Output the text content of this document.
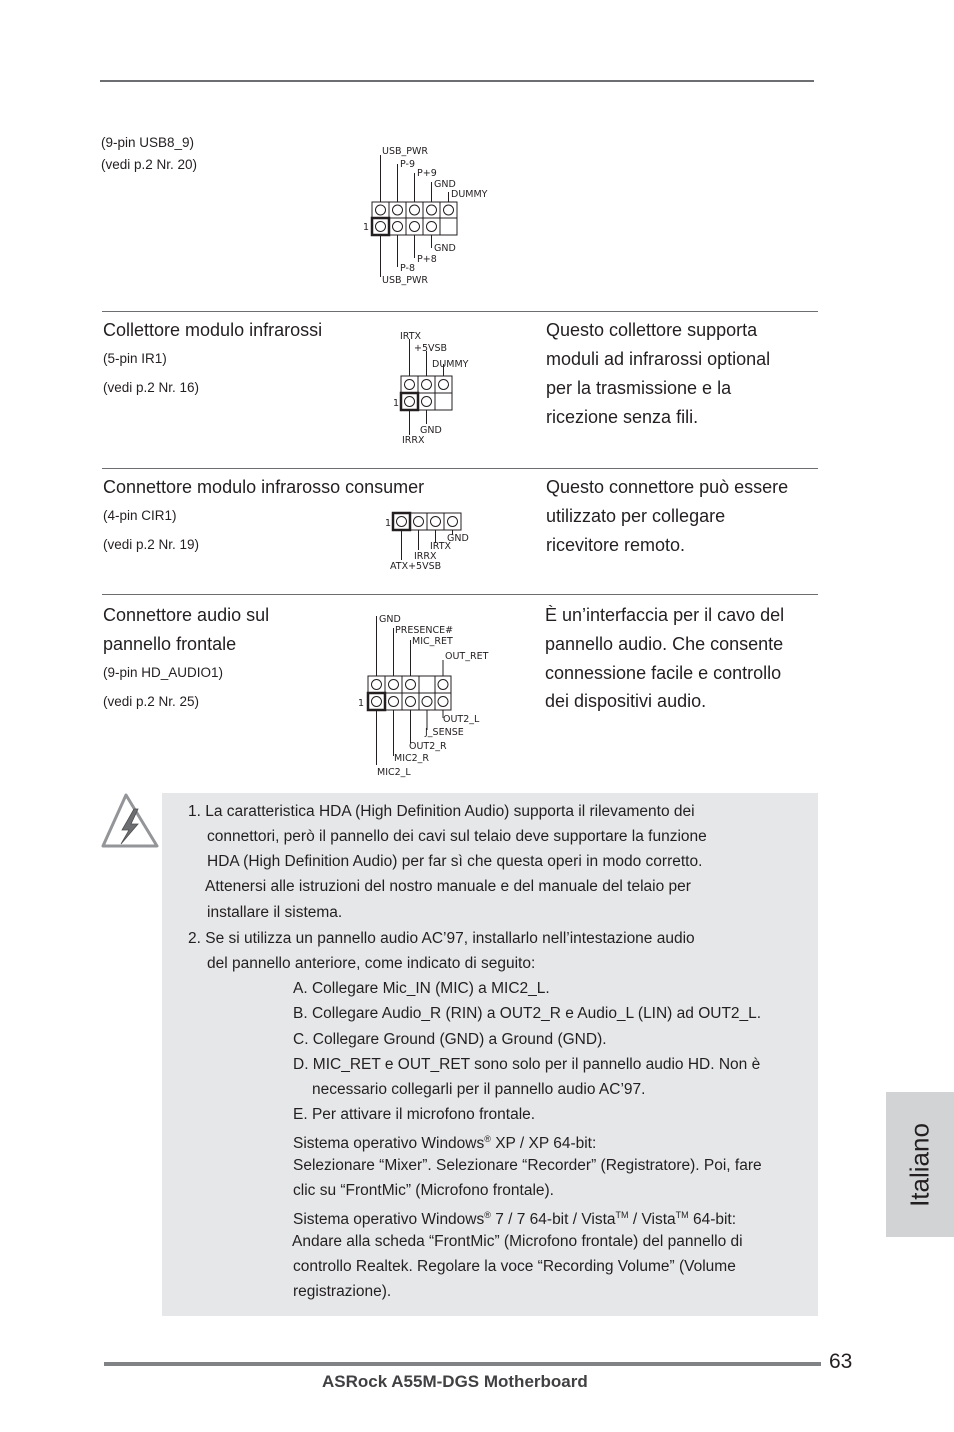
(9-pin USB8_9)
(vedi p.2 Nr. 20)
USB_PWR
P-9
P+9
GND
DUMMY
GND
P+8
P-8
USB_PWR
1
Collettore modulo infrarossi
(5-pin IR1)
(vedi p.2 Nr. 16)
IRTX
+5VSB
DUMMY
GND
IRRX
1
Questo collettore supporta
moduli ad infrarossi optional
per la trasmissione e la
ricezione senza fili.
Connettore modulo infrarosso consumer
(4-pin CIR1)
(vedi p.2 Nr. 19)	GND
IRTX
IRRX
ATX+5VSB
1
Questo connettore può essere
utilizzato per collegare
ricevitore remoto.
Connettore audio sul
pannello frontale
(9-pin HD_AUDIO1)
(vedi p.2 Nr. 25)
GND
PRESENCE#
MIC_RET
OUT_RET
OUT2_L
J_SENSE
OUT2_R
MIC2_R
MIC2_L
1
È un’interfaccia per il cavo del
pannello audio. Che consente
connessione facile e controllo
dei dispositivi audio.
1. La caratteristica HDA (High Definition Audio) supporta il rilevamento dei
connettori, però il pannello dei cavi sul telaio deve supportare la funzione
HDA (High Definition Audio) per far sì che questa operi in modo corretto.
Attenersi alle istruzioni del nostro manuale e del manuale del telaio per
installare il sistema.
2. Se si utilizza un pannello audio AC’97, installarlo nell’intestazione audio
del pannello anteriore, come indicato di seguito:
A. Collegare Mic_IN (MIC) a MIC2_L.
B. Collegare Audio_R (RIN) a OUT2_R e Audio_L (LIN) ad OUT2_L.
C. Collegare Ground (GND) a Ground (GND).
D. MIC_RET e OUT_RET sono solo per il pannello audio HD. Non è
necessario collegarli per il pannello audio AC’97.
E. Per attivare il microfono frontale.
Sistema operativo Windows® XP / XP 64-bit:
Selezionare “Mixer”. Selezionare “Recorder” (Registratore). Poi, fare
clic su “FrontMic” (Microfono frontale).
Sistema operativo Windows® 7 / 7 64-bit / Vista™ / Vista™ 64-bit:
Andare alla scheda “FrontMic” (Microfono frontale) del pannello di
controllo Realtek. Regolare la voce “Recording Volume” (Volume
registrazione).
Italiano
63
ASRock A55M-DGS Motherboard
